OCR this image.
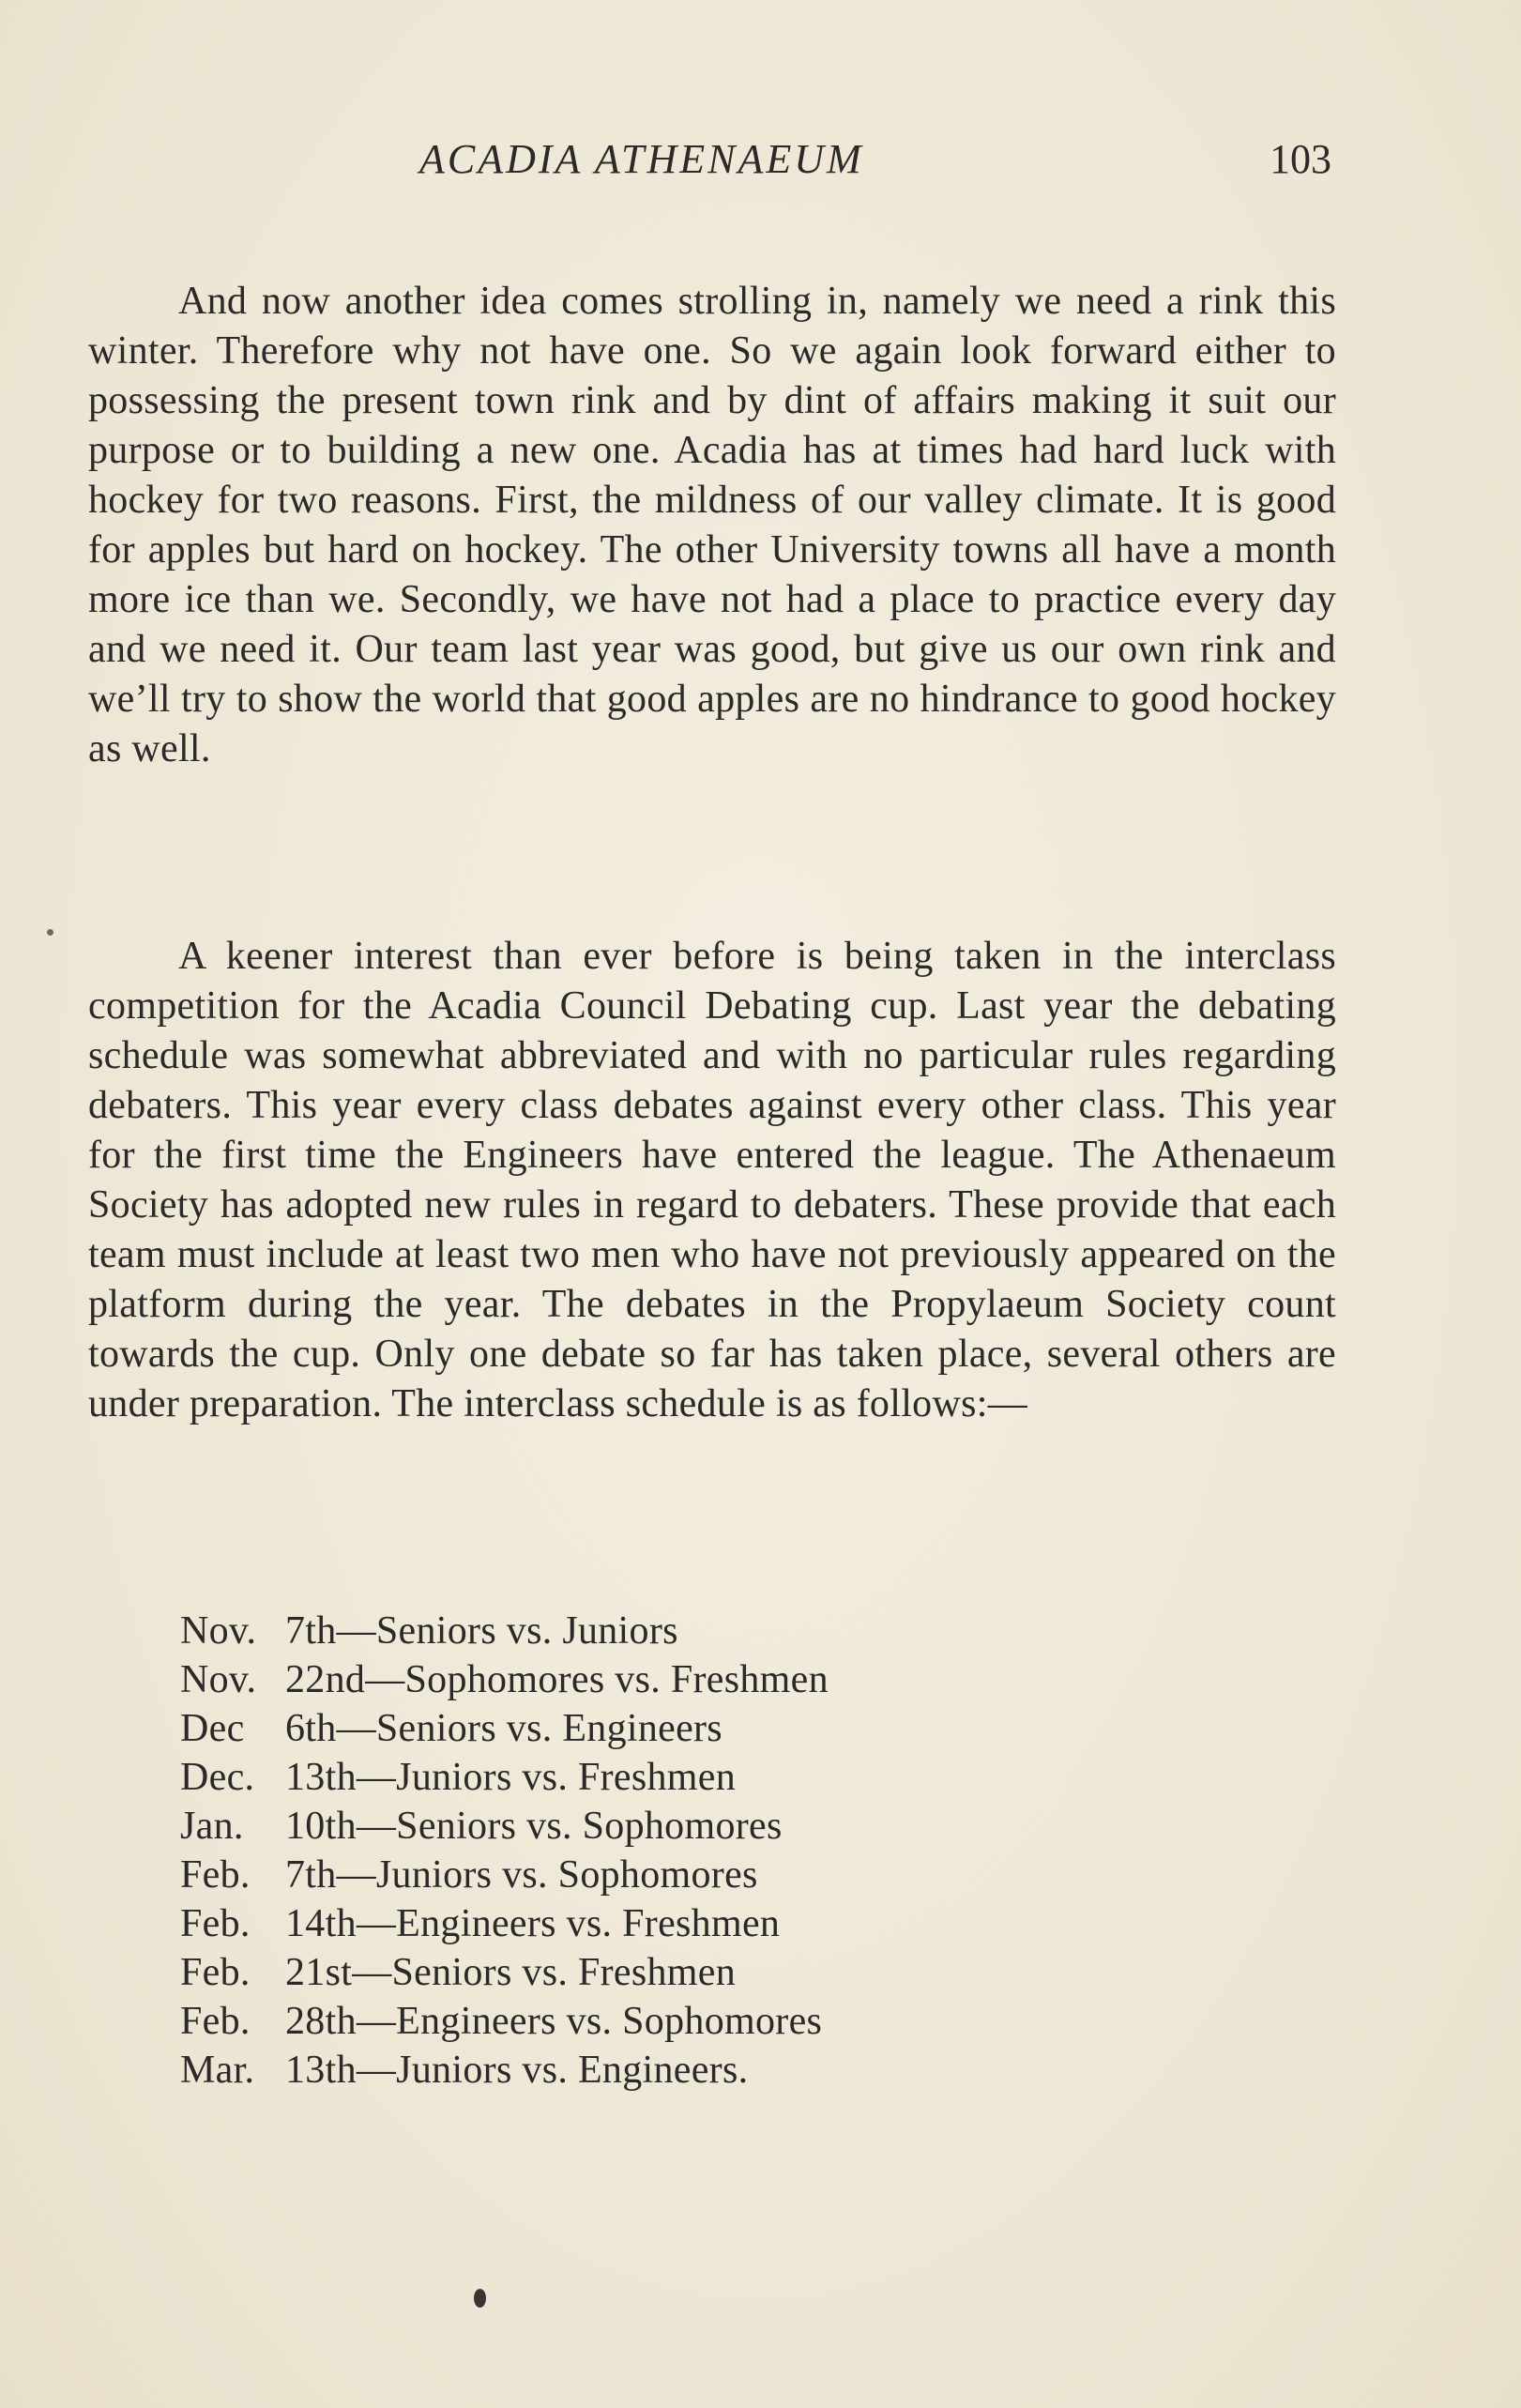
ACADIA ATHENAEUM	103

And now another idea comes strolling in, namely we need a rink this winter. Therefore why not have one. So we again look forward either to possessing the present town rink and by dint of affairs making it suit our purpose or to building a new one. Acadia has at times had hard luck with hockey for two reasons. First, the mildness of our valley climate. It is good for apples but hard on hockey. The other University towns all have a month more ice than we. Secondly, we have not had a place to practice every day and we need it. Our team last year was good, but give us our own rink and we’ll try to show the world that good apples are no hindrance to good hockey as well.

A keener interest than ever before is being taken in the interclass competition for the Acadia Council Debating cup. Last year the debating schedule was somewhat abbreviated and with no particular rules regarding debaters. This year every class debates against every other class. This year for the first time the Engineers have entered the league. The Athenaeum Society has adopted new rules in regard to debaters. These provide that each team must include at least two men who have not previously appeared on the platform during the year. The debates in the Propylaeum Society count towards the cup. Only one debate so far has taken place, several others are under preparation. The interclass schedule is as follows:—

Nov. 7th—Seniors vs. Juniors
Nov. 22nd—Sophomores vs. Freshmen
Dec 6th—Seniors vs. Engineers
Dec. 13th—Juniors vs. Freshmen
Jan. 10th—Seniors vs. Sophomores
Feb. 7th—Juniors vs. Sophomores
Feb. 14th—Engineers vs. Freshmen
Feb. 21st—Seniors vs. Freshmen
Feb. 28th—Engineers vs. Sophomores
Mar. 13th—Juniors vs. Engineers.
